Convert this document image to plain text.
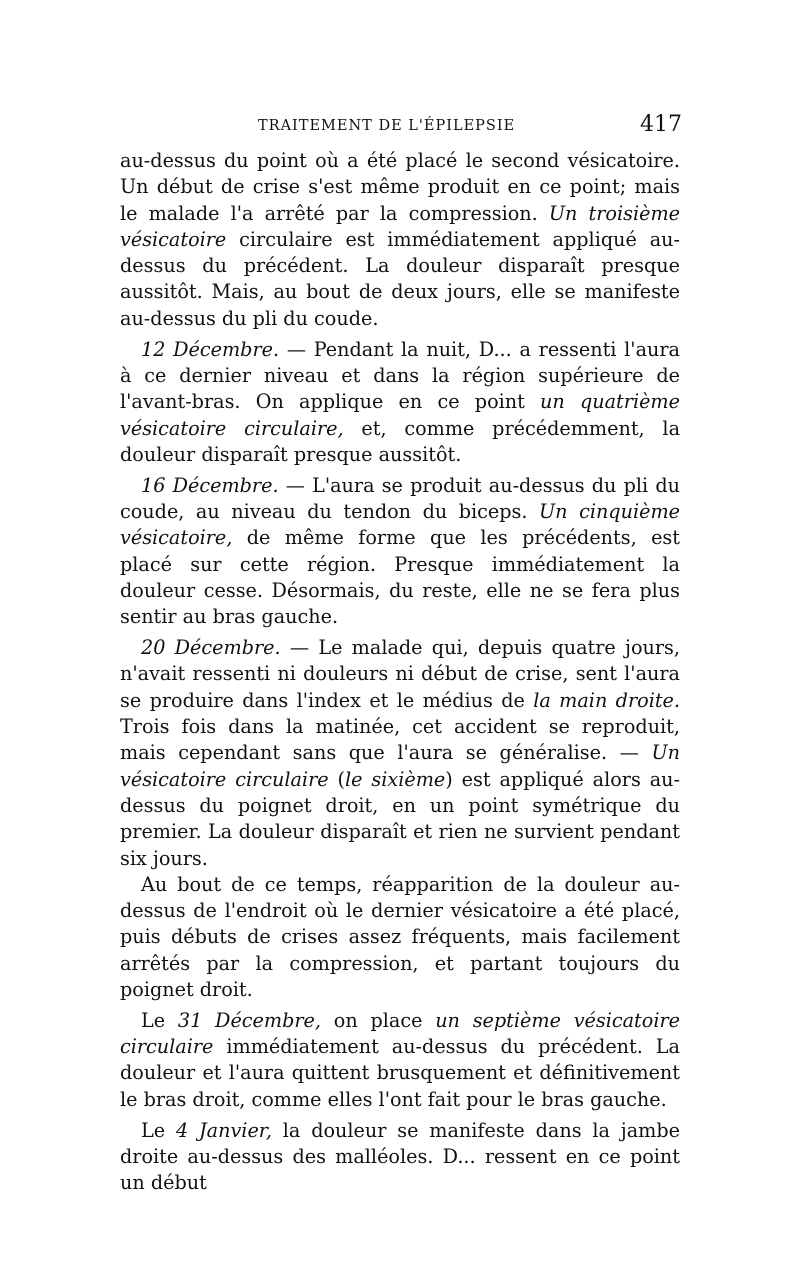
TRAITEMENT DE L'ÉPILEPSIE	417

au-dessus du point où a été placé le second vésicatoire. Un début de crise s'est même produit en ce point; mais le malade l'a arrêté par la compression. Un troisième vésicatoire circulaire est immédiatement appliqué au-dessus du précédent. La douleur disparaît presque aussitôt. Mais, au bout de deux jours, elle se manifeste au-dessus du pli du coude.

12 Décembre. — Pendant la nuit, D... a ressenti l'aura à ce dernier niveau et dans la région supérieure de l'avant-bras. On applique en ce point un quatrième vésicatoire circulaire, et, comme précédemment, la douleur disparaît presque aussitôt.

16 Décembre. — L'aura se produit au-dessus du pli du coude, au niveau du tendon du biceps. Un cinquième vésicatoire, de même forme que les précédents, est placé sur cette région. Presque immédiatement la douleur cesse. Désormais, du reste, elle ne se fera plus sentir au bras gauche.

20 Décembre. — Le malade qui, depuis quatre jours, n'avait ressenti ni douleurs ni début de crise, sent l'aura se produire dans l'index et le médius de la main droite. Trois fois dans la matinée, cet accident se reproduit, mais cependant sans que l'aura se généralise. — Un vésicatoire circulaire (le sixième) est appliqué alors au-dessus du poignet droit, en un point symétrique du premier. La douleur disparaît et rien ne survient pendant six jours.

Au bout de ce temps, réapparition de la douleur au-dessus de l'endroit où le dernier vésicatoire a été placé, puis débuts de crises assez fréquents, mais facilement arrêtés par la compression, et partant toujours du poignet droit.

Le 31 Décembre, on place un septième vésicatoire circulaire immédiatement au-dessus du précédent. La douleur et l'aura quittent brusquement et définitivement le bras droit, comme elles l'ont fait pour le bras gauche.

Le 4 Janvier, la douleur se manifeste dans la jambe droite au-dessus des malléoles. D... ressent en ce point un début
